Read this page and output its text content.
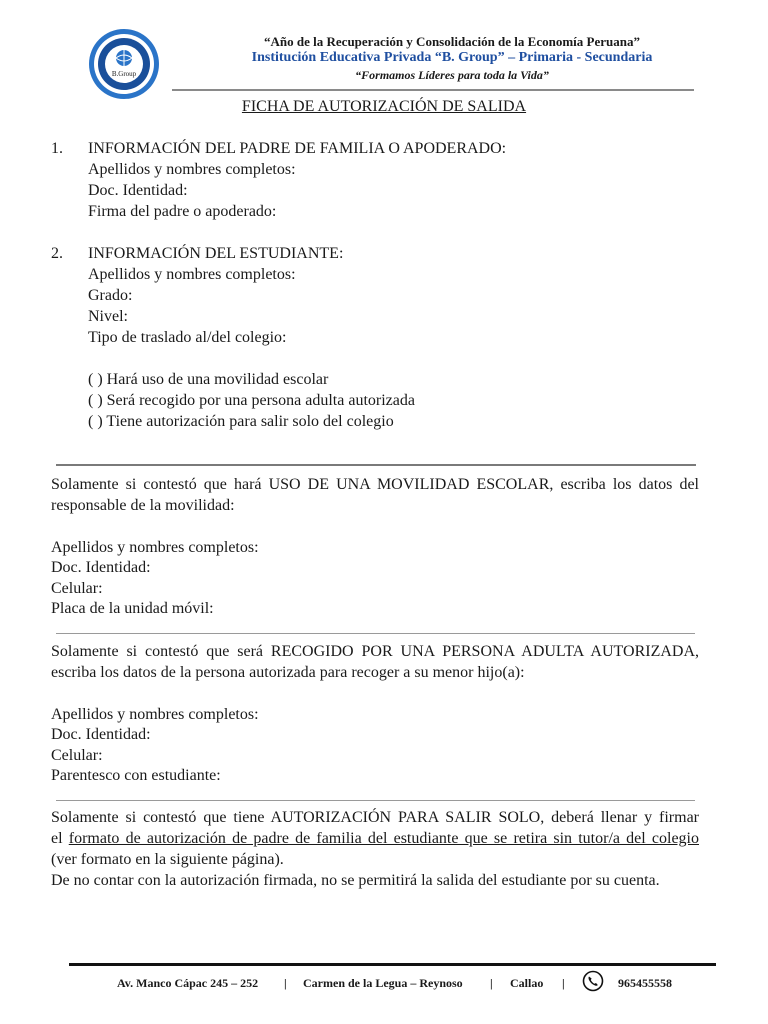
B.Group
“Año de la Recuperación y Consolidación de la Economía Peruana”
Institución Educativa Privada “B. Group” – Primaria - Secundaria
“Formamos Líderes para toda la Vida”
FICHA DE AUTORIZACIÓN DE SALIDA
1. INFORMACIÓN DEL PADRE DE FAMILIA O APODERADO:
Apellidos y nombres completos:
Doc. Identidad:
Firma del padre o apoderado:
2. INFORMACIÓN DEL ESTUDIANTE:
Apellidos y nombres completos:
Grado:
Nivel:
Tipo de traslado al/del colegio:
( ) Hará uso de una movilidad escolar
( ) Será recogido por una persona adulta autorizada
( ) Tiene autorización para salir solo del colegio
Solamente si contestó que hará USO DE UNA MOVILIDAD ESCOLAR, escriba los datos del
responsable de la movilidad:
Apellidos y nombres completos:
Doc. Identidad:
Celular:
Placa de la unidad móvil:
Solamente si contestó que será RECOGIDO POR UNA PERSONA ADULTA AUTORIZADA,
escriba los datos de la persona autorizada para recoger a su menor hijo(a):
Apellidos y nombres completos:
Doc. Identidad:
Celular:
Parentesco con estudiante:
Solamente si contestó que tiene AUTORIZACIÓN PARA SALIR SOLO, deberá llenar y firmar
el formato de autorización de padre de familia del estudiante que se retira sin tutor/a del colegio
(ver formato en la siguiente página).
De no contar con la autorización firmada, no se permitirá la salida del estudiante por su cuenta.
Av. Manco Cápac 245 – 252 | Carmen de la Legua – Reynoso | Callao |	965455558
